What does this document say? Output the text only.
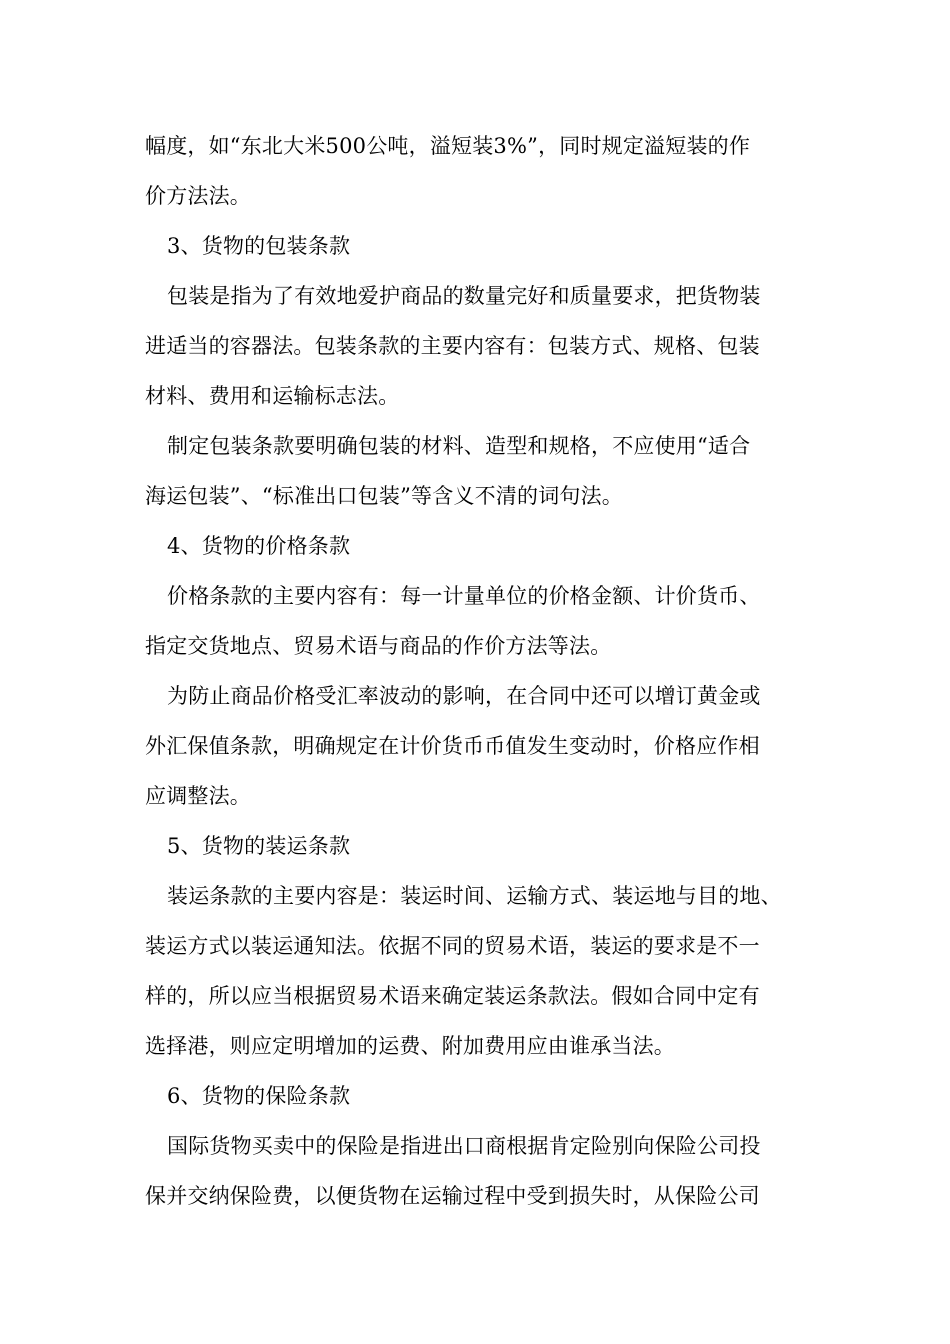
幅度，如“东北大米500公吨，溢短装3%”，同时规定溢短装的作
价方法法。
3、货物的包装条款
包装是指为了有效地爱护商品的数量完好和质量要求，把货物装
进适当的容器法。包装条款的主要内容有：包装方式、规格、包装
材料、费用和运输标志法。
制定包装条款要明确包装的材料、造型和规格，不应使用“适合
海运包装”、“标准出口包装”等含义不清的词句法。
4、货物的价格条款
价格条款的主要内容有：每一计量单位的价格金额、计价货币、
指定交货地点、贸易术语与商品的作价方法等法。
为防止商品价格受汇率波动的影响，在合同中还可以增订黄金或
外汇保值条款，明确规定在计价货币币值发生变动时，价格应作相
应调整法。
5、货物的装运条款
装运条款的主要内容是：装运时间、运输方式、装运地与目的地、
装运方式以装运通知法。依据不同的贸易术语，装运的要求是不一
样的，所以应当根据贸易术语来确定装运条款法。假如合同中定有
选择港，则应定明增加的运费、附加费用应由谁承当法。
6、货物的保险条款
国际货物买卖中的保险是指进出口商根据肯定险别向保险公司投
保并交纳保险费，以便货物在运输过程中受到损失时，从保险公司
